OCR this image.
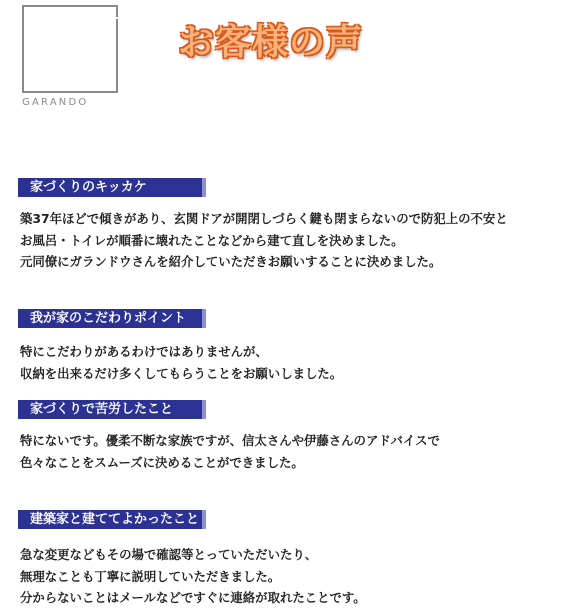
GARANDO
お客様の声
家づくりのキッカケ
築37年ほどで傾きがあり、玄関ドアが開閉しづらく鍵も閉まらないので防犯上の不安と
お風呂・トイレが順番に壊れたことなどから建て直しを決めました。
元同僚にガランドウさんを紹介していただきお願いすることに決めました。
我が家のこだわりポイント
特にこだわりがあるわけではありませんが、
収納を出来るだけ多くしてもらうことをお願いしました。
家づくりで苦労したこと
特にないです。優柔不断な家族ですが、信太さんや伊藤さんのアドバイスで
色々なことをスムーズに決めることができました。
建築家と建ててよかったこと
急な変更などもその場で確認等とっていただいたり、
無理なことも丁寧に説明していただきました。
分からないことはメールなどですぐに連絡が取れたことです。
